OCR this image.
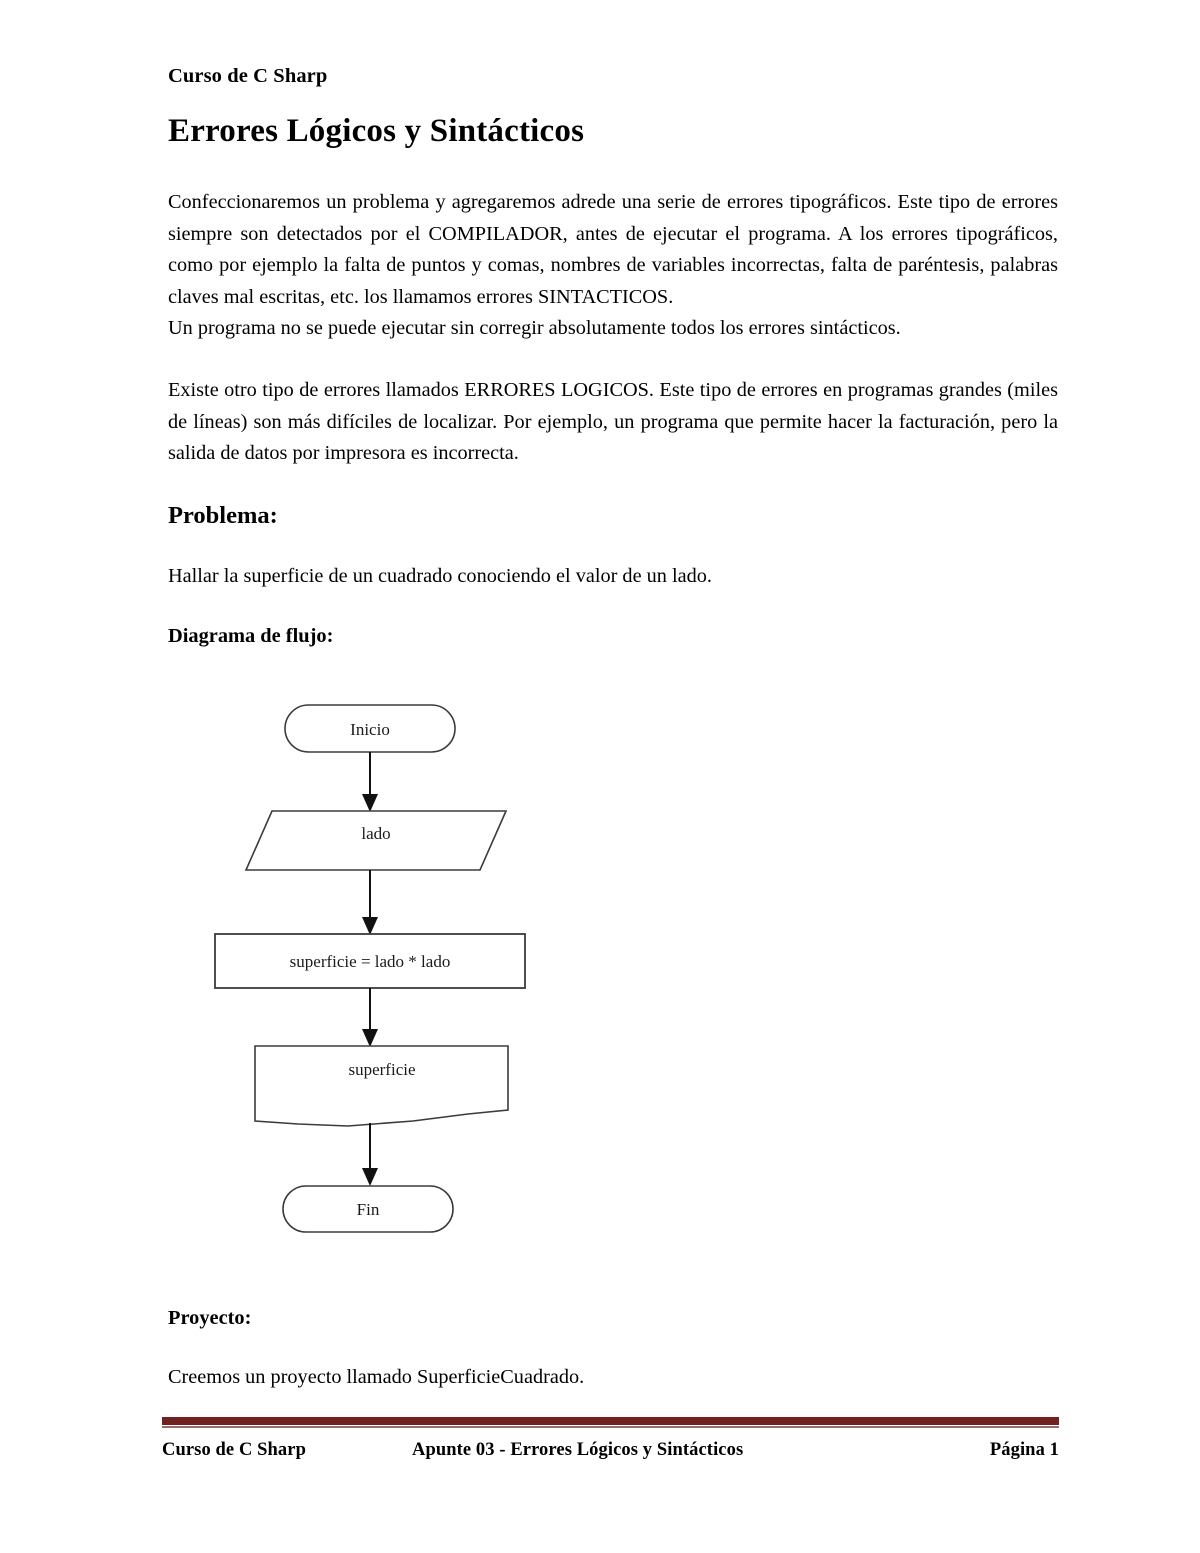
Curso de C Sharp
Errores Lógicos y Sintácticos

Confeccionaremos un problema y agregaremos adrede una serie de errores tipográficos. Este tipo de errores siempre son detectados por el COMPILADOR, antes de ejecutar el programa. A los errores tipográficos, como por ejemplo la falta de puntos y comas, nombres de variables incorrectas, falta de paréntesis, palabras claves mal escritas, etc. los llamamos errores SINTACTICOS.

Un programa no se puede ejecutar sin corregir absolutamente todos los errores sintácticos.

Existe otro tipo de errores llamados ERRORES LOGICOS. Este tipo de errores en programas grandes (miles de líneas) son más difíciles de localizar. Por ejemplo, un programa que permite hacer la facturación, pero la salida de datos por impresora es incorrecta.

Problema:

Hallar la superficie de un cuadrado conociendo el valor de un lado.

Diagrama de flujo:
Inicio
lado
superficie = lado * lado
superficie
Fin
Proyecto:

Creemos un proyecto llamado SuperficieCuadrado.

Curso de C Sharp	Apunte 03 - Errores Lógicos y Sintácticos	Página 1
